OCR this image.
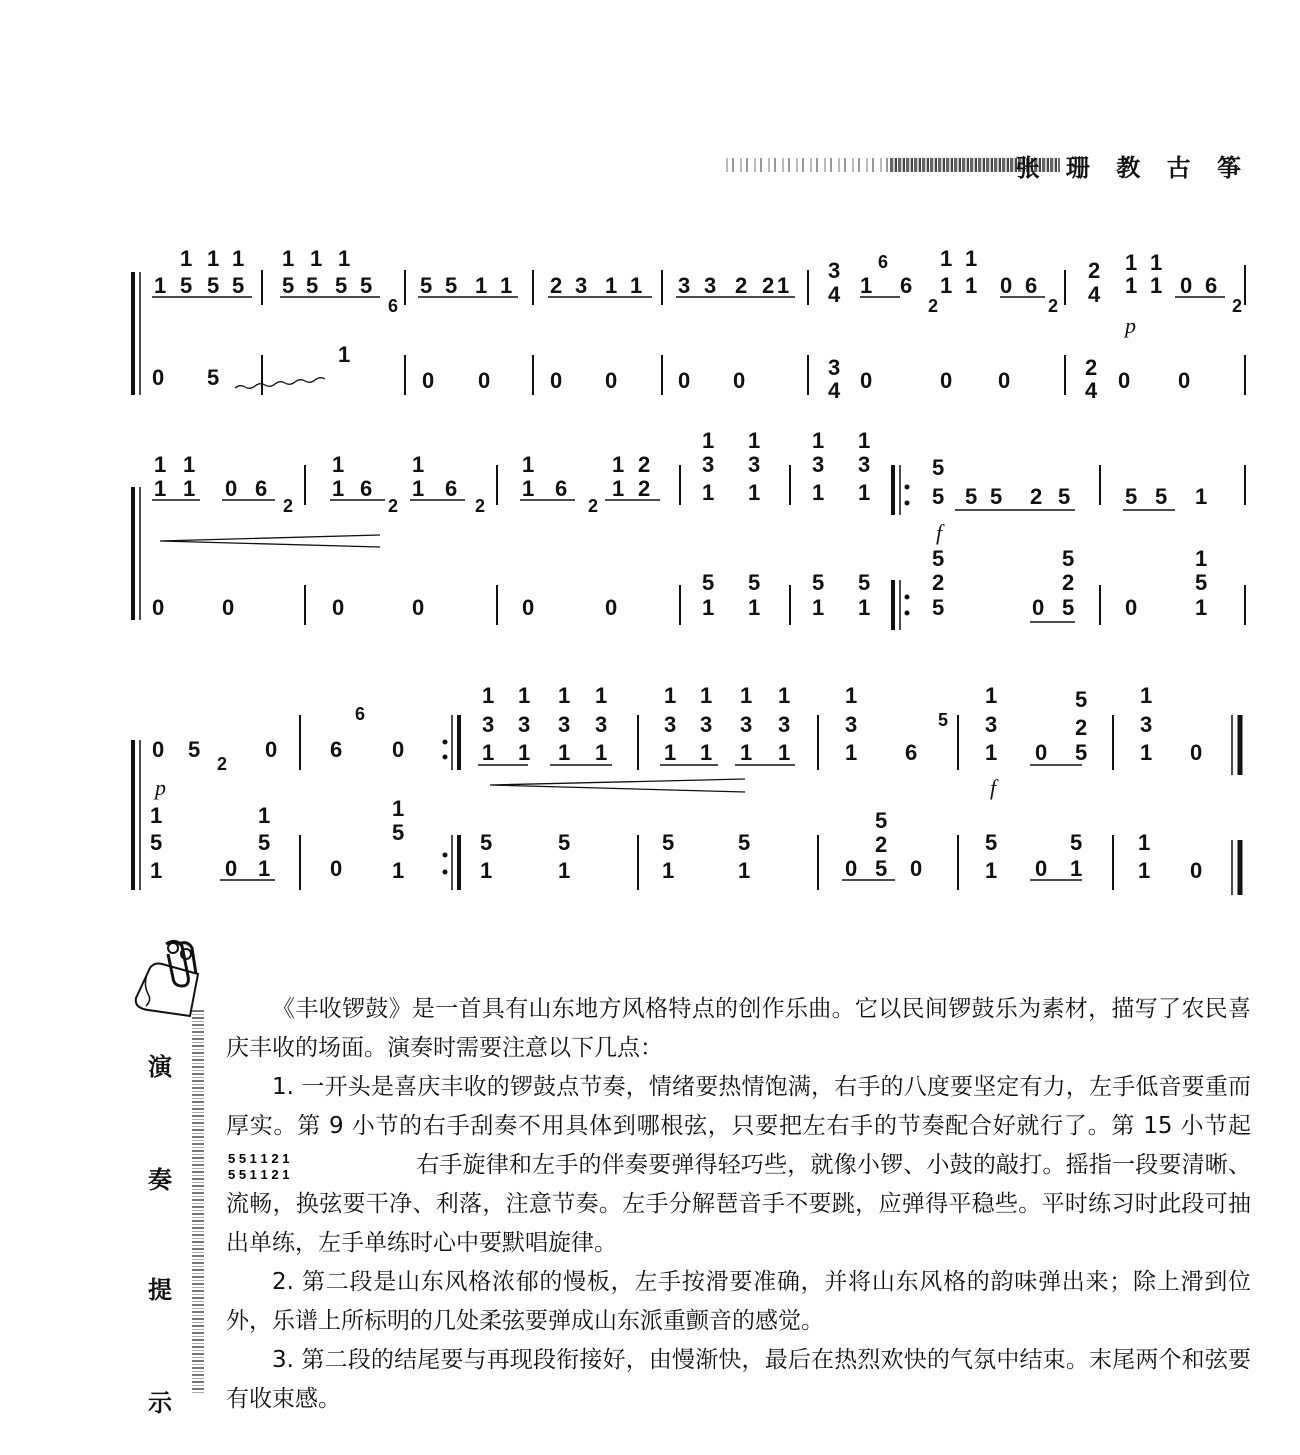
张 珊 教 古 筝
1 5 5 5
1 1 1
5 5 5 5
1 1 1
6
5 5 1 1 2 3 1 1 3 3 2 2 1
3
4 1 6
6
2
1 1
1 1
0 6
2
2
4 1 1
1 1
0 6
2
p
0 5
1
0 0	0 0	0 0
3
4 0	0 0
2
4 0 0
1 1
1 1 0 6
2
1
1 6
2
1
1 6
2
1
1 6
2
1 2
1 2
1 1
3 3
1 1
1 1
3 3
1 1
5
5 5 5 2 5 5 5 1
f
0	0	0	0	0	0
5 5
1 1
5 5
1 1
5
2
5
5
2
0 5
1
5
0	1
0 5
2
0
6
6 0
1 1 1 1
3 3 3 3
1 1 1 1
1 1 1 1
3 3 3 3
1 1 1 1
1
3
1 6
5
1
3
1
5
2
0 5
1
3
1 0
p	f
1
5
1
1
5
0 1	0
1
5
1
5
1
5
1
5
1
5
1
5
2
0 5 0
5
1 0
5
1
1
1 0
演
奏
提
示

《丰收锣鼓》是一首具有山东地方风格特点的创作乐曲。它以民间锣鼓乐为素材，描写了农民喜庆丰收的场面。演奏时需要注意以下几点：

1. 一开头是喜庆丰收的锣鼓点节奏，情绪要热情饱满，右手的八度要坚定有力，左手低音要重而厚实。第 9 小节的右手刮奏不用具体到哪根弦，只要把左右手的节奏配合好就行了。第 15 小节起
5 5 1 1 2 1
5 5 1 1 2 1	右手旋律和左手的伴奏要弹得轻巧些，就像小锣、小鼓的敲打。摇指一段要清晰、流畅，换弦要干净、利落，注意节奏。左手分解琶音手不要跳，应弹得平稳些。平时练习时此段可抽出单练，左手单练时心中要默唱旋律。

2. 第二段是山东风格浓郁的慢板，左手按滑要准确，并将山东风格的韵味弹出来；除上滑到位外，乐谱上所标明的几处柔弦要弹成山东派重颤音的感觉。

3. 第二段的结尾要与再现段衔接好，由慢渐快，最后在热烈欢快的气氛中结束。末尾两个和弦要有收束感。
